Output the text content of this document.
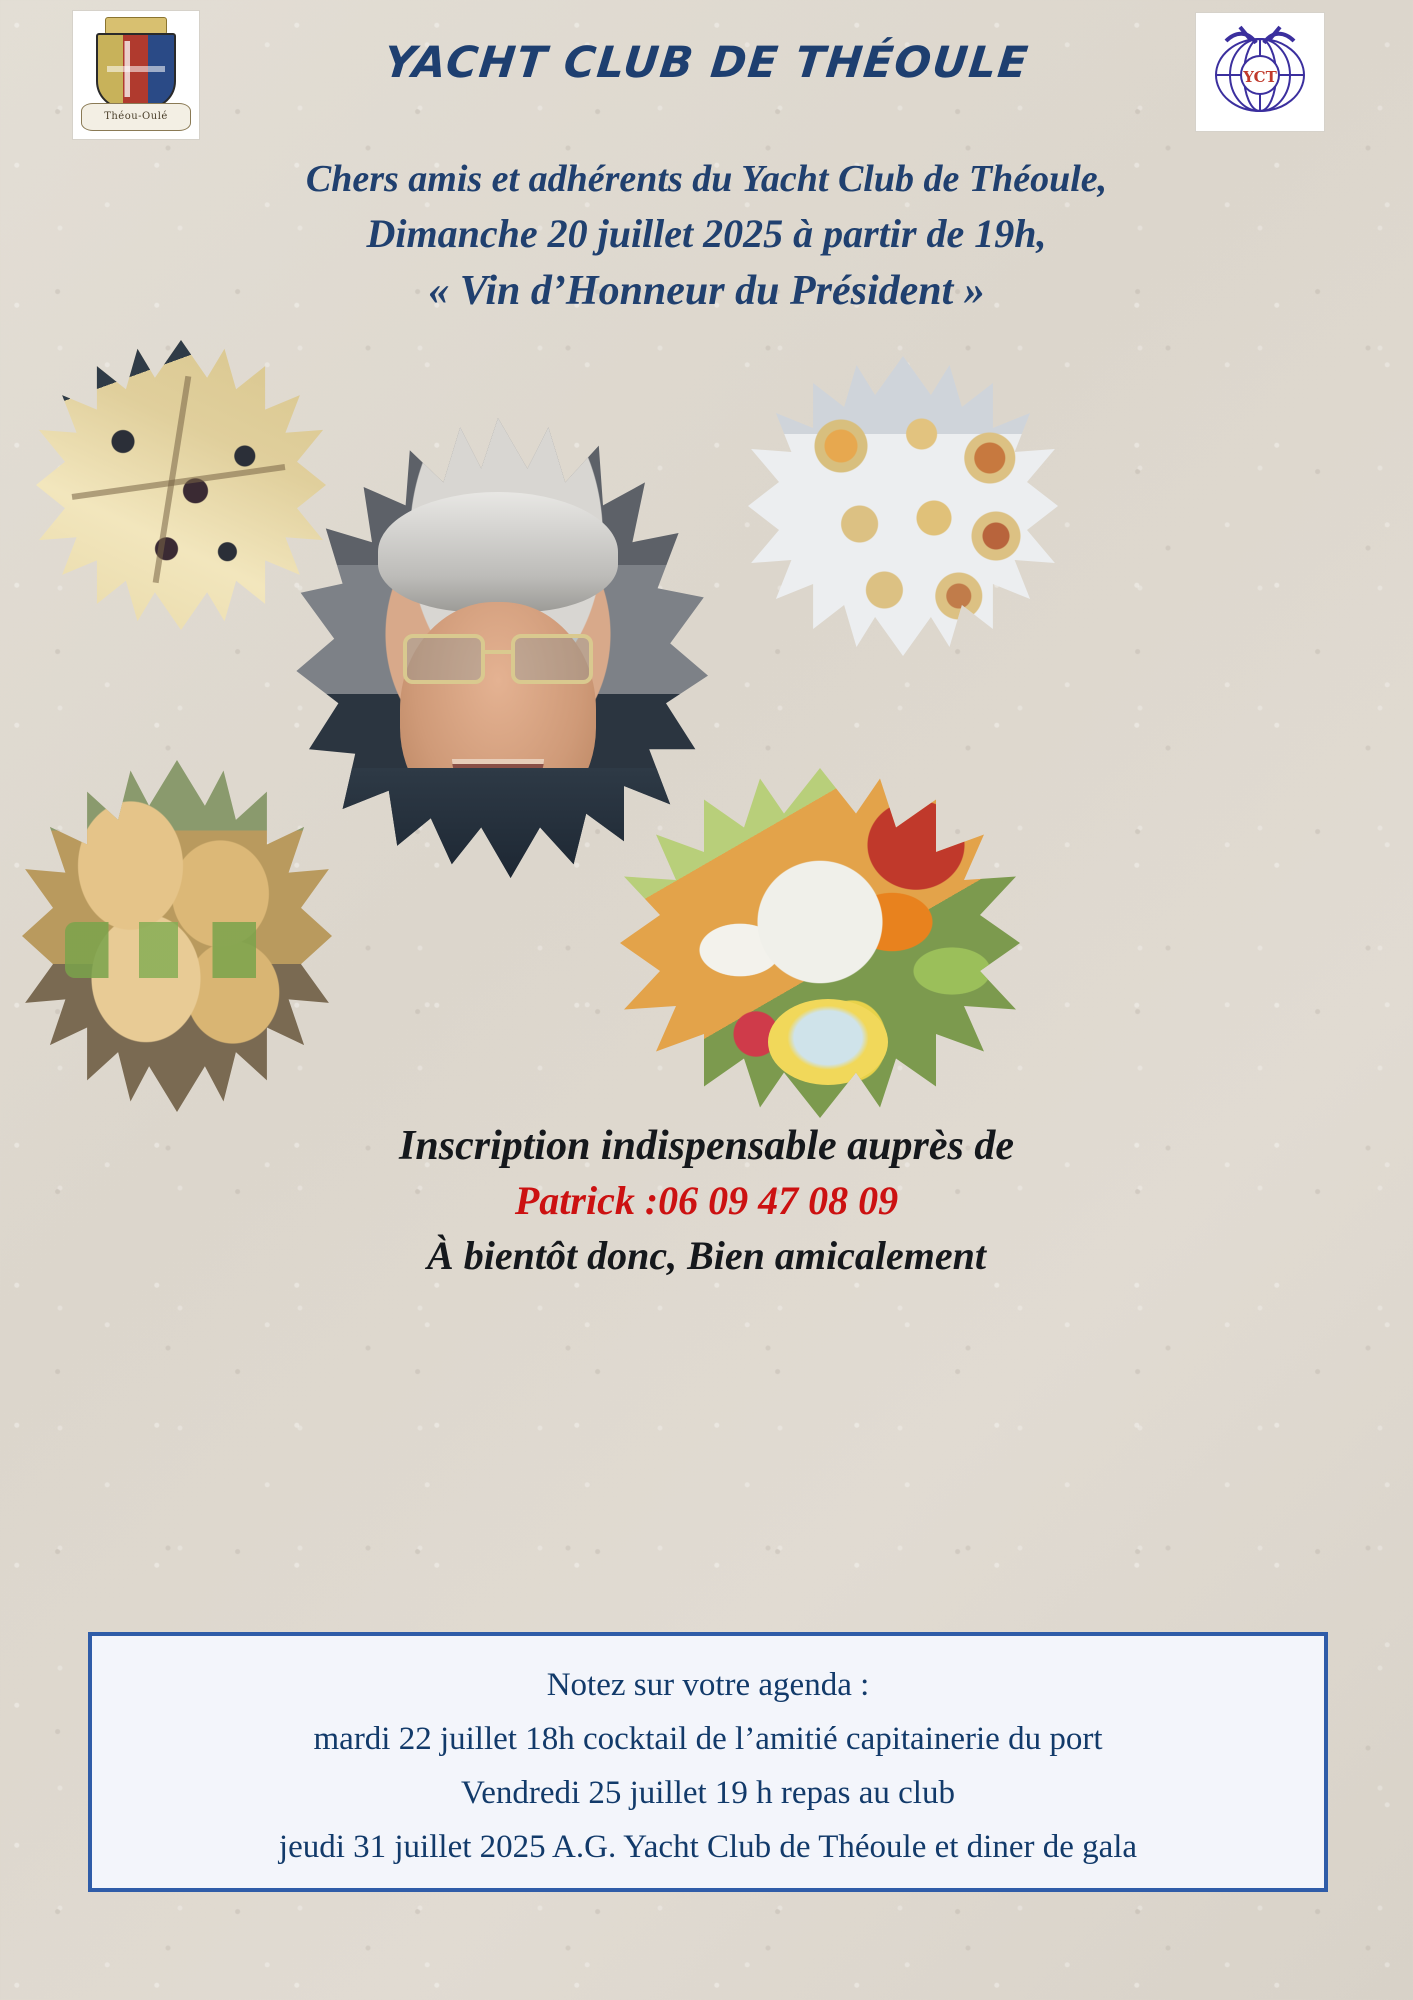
Théou-Oulé
YACHT CLUB DE THÉOULE	YCT
Chers amis et adhérents du Yacht Club de Théoule,
Dimanche 20 juillet 2025 à partir de 19h,
« Vin d’Honneur du Président »
Inscription indispensable auprès de
Patrick :06 09 47 08 09
À bientôt donc, Bien amicalement
Notez sur votre agenda :
mardi 22 juillet 18h cocktail de l’amitié capitainerie du port
Vendredi 25 juillet 19 h repas au club
jeudi 31 juillet 2025 A.G. Yacht Club de Théoule et diner de gala
